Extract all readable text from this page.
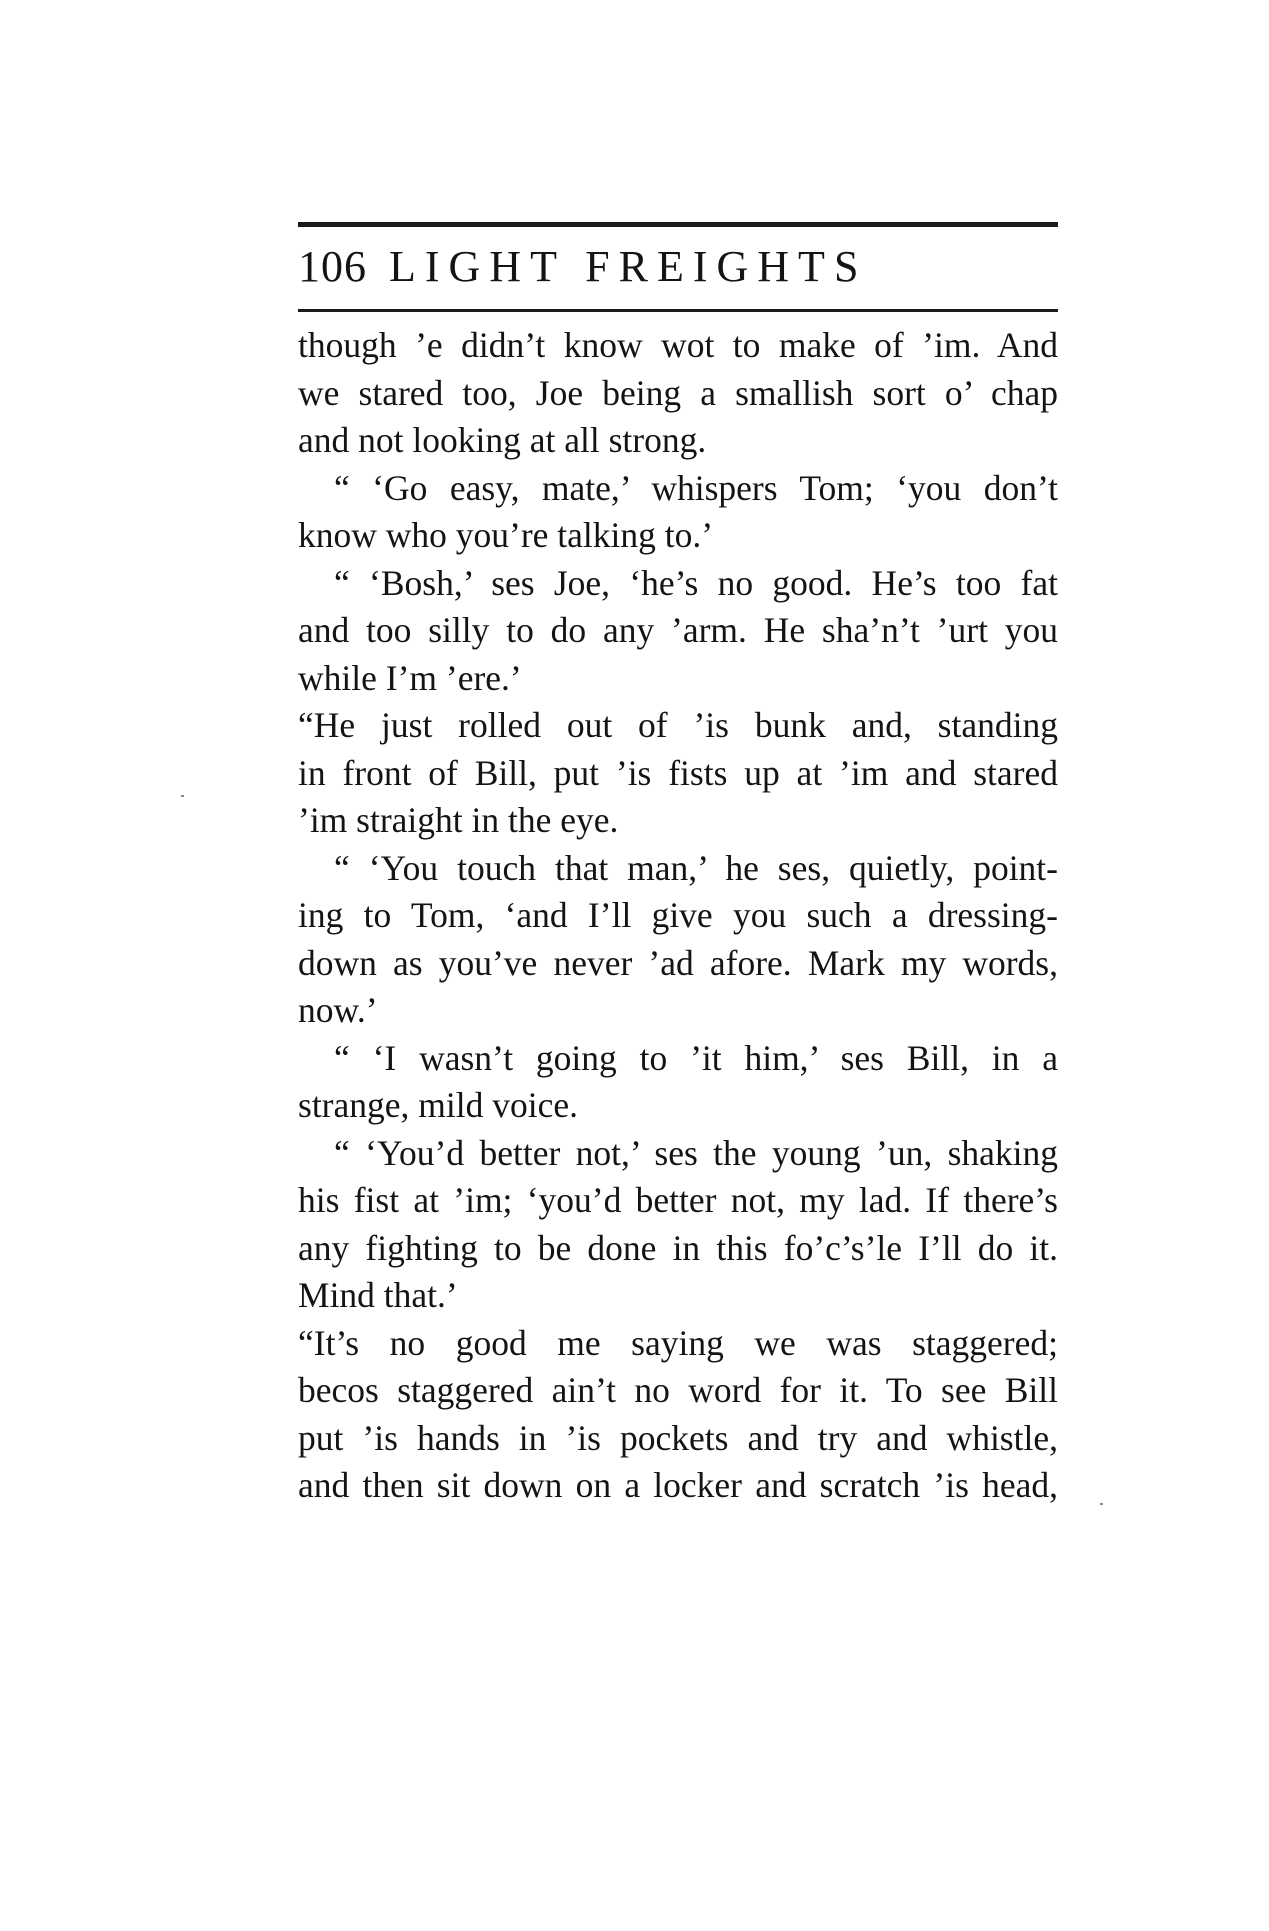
106 LIGHT FREIGHTS
though ’e didn’t know wot to make of ’im. And
we stared too, Joe being a smallish sort o’ chap
and not looking at all strong.
“ ‘Go easy, mate,’ whispers Tom; ‘you don’t
know who you’re talking to.’
“ ‘Bosh,’ ses Joe, ‘he’s no good. He’s too fat
and too silly to do any ’arm. He sha’n’t ’urt you
while I’m ’ere.’
“He just rolled out of ’is bunk and, standing
in front of Bill, put ’is fists up at ’im and stared
’im straight in the eye.
“ ‘You touch that man,’ he ses, quietly, point-
ing to Tom, ‘and I’ll give you such a dressing-
down as you’ve never ’ad afore. Mark my words,
now.’
“ ‘I wasn’t going to ’it him,’ ses Bill, in a
strange, mild voice.
“ ‘You’d better not,’ ses the young ’un, shaking
his fist at ’im; ‘you’d better not, my lad. If there’s
any fighting to be done in this fo’c’s’le I’ll do it.
Mind that.’
“It’s no good me saying we was staggered;
becos staggered ain’t no word for it. To see Bill
put ’is hands in ’is pockets and try and whistle,
and then sit down on a locker and scratch ’is head,
